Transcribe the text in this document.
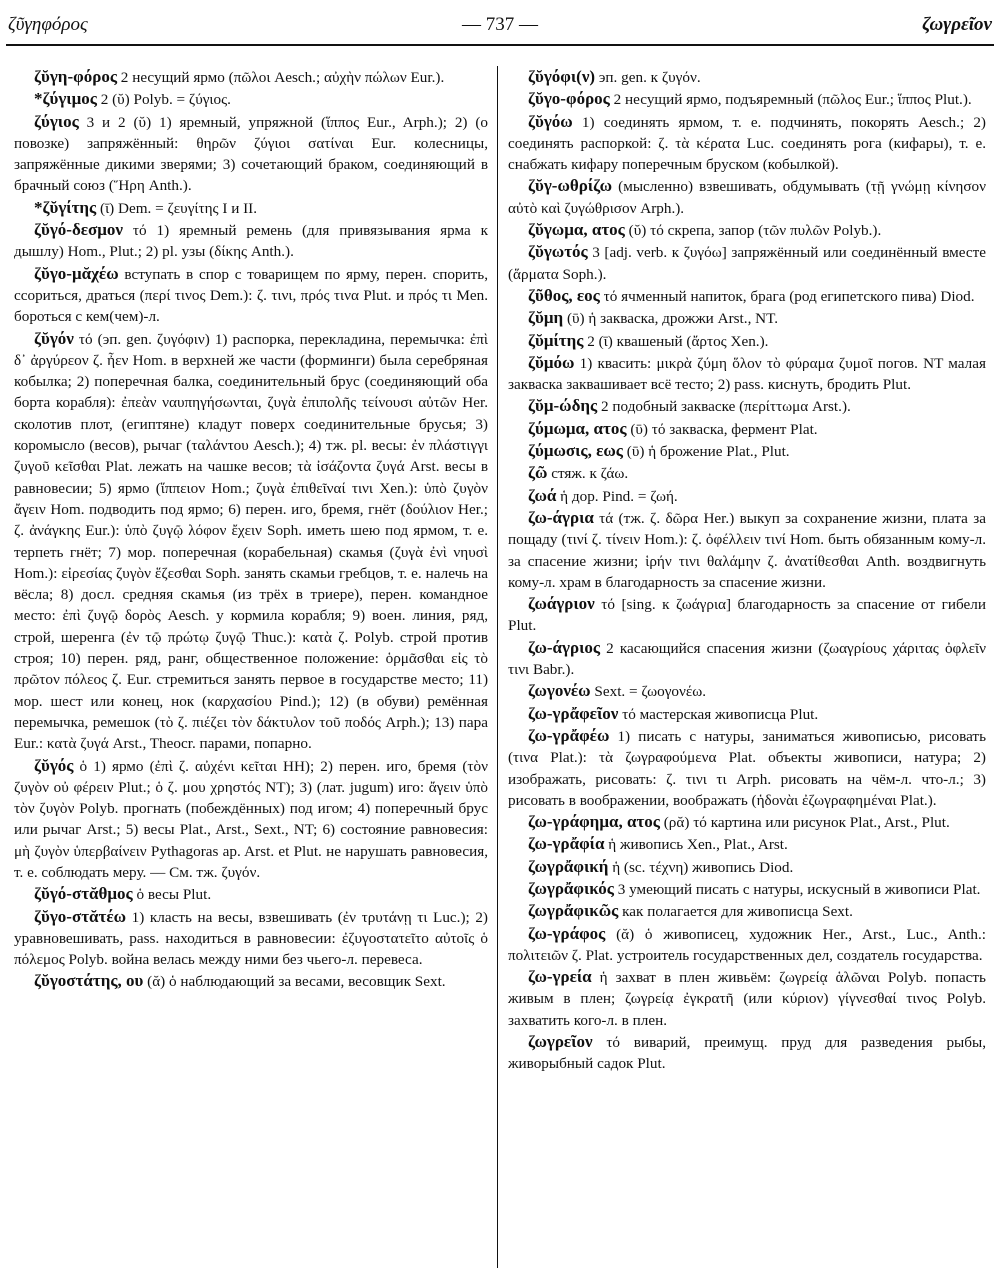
ζῦγηφόρος	— 737 —	ζωγρεῖον

ζῠγη-φόρος 2 несущий ярмо (πῶλοι Aesch.; αὐχὴν πώλων Eur.).

*ζύγιμος 2 (ῠ) Polyb. = ζύγιος.

ζύγιος 3 и 2 (ῠ) 1) яремный, упряжной (ἵππος Eur., Arph.); 2) (о повозке) запряжённый: θηρῶν ζύγιοι σατίναι Eur. колесницы, запряжённые дикими зверями; 3) сочетающий браком, соединяющий в брачный союз (Ἥρη Anth.).

*ζῠγίτης (ῑ) Dem. = ζευγίτης I и II.

ζῠγό-δεσμον τό 1) яремный ремень (для привязывания ярма к дышлу) Hom., Plut.; 2) pl. узы (δίκης Anth.).

ζῠγο-μᾰχέω вступать в спор с товарищем по ярму, перен. спорить, ссориться, драться (περί τινος Dem.): ζ. τινι, πρός τινα Plut. и πρός τι Men. бороться с кем(чем)-л.

ζῠγόν τό (эп. gen. ζυγόφιν) 1) распорка, перекладина, перемычка: ἐπὶ δ᾽ ἀργύρεον ζ. ἦεν Hom. в верхней же части (форминги) была серебряная кобылка; 2) поперечная балка, соединительный брус (соединяющий оба борта корабля): ἐπεὰν ναυπηγήσωνται, ζυγὰ ἐπιπολῆς τείνουσι αὐτῶν Her. сколотив плот, (египтяне) кладут поверх соединительные брусья; 3) коромысло (весов), рычаг (ταλάντου Aesch.); 4) тж. pl. весы: ἐν πλάστιγγι ζυγοῦ κεῖσθαι Plat. лежать на чашке весов; τὰ ἰσάζοντα ζυγά Arst. весы в равновесии; 5) ярмо (ἵππειον Hom.; ζυγὰ ἐπιθεῖναί τινι Xen.): ὑπὸ ζυγὸν ἄγειν Hom. подводить под ярмо; 6) перен. иго, бремя, гнёт (δούλιον Her.; ζ. ἀνάγκης Eur.): ὑπὸ ζυγῷ λόφον ἔχειν Soph. иметь шею под ярмом, т. е. терпеть гнёт; 7) мор. поперечная (корабельная) скамья (ζυγὰ ἐνὶ νηυσὶ Hom.): εἰρεσίας ζυγὸν ἕζεσθαι Soph. занять скамьи гребцов, т. е. налечь на вёсла; 8) досл. средняя скамья (из трёх в триере), перен. командное место: ἐπὶ ζυγῷ δορὸς Aesch. у кормила корабля; 9) воен. линия, ряд, строй, шеренга (ἐν τῷ πρώτῳ ζυγῷ Thuc.): κατὰ ζ. Polyb. строй против строя; 10) перен. ряд, ранг, общественное положение: ὁρμᾶσθαι εἰς τὸ πρῶτον πόλεος ζ. Eur. стремиться занять первое в государстве место; 11) мор. шест или конец, нок (καρχασίου Pind.); 12) (в обуви) ремённая перемычка, ремешок (τὸ ζ. πιέζει τὸν δάκτυλον τοῦ ποδός Arph.); 13) пара Eur.: κατὰ ζυγά Arst., Theocr. парами, попарно.

ζῠγός ὁ 1) ярмо (ἐπὶ ζ. αὐχένι κεῖται HH); 2) перен. иго, бремя (τὸν ζυγὸν οὐ φέρειν Plut.; ὁ ζ. μου χρηστός NT); 3) (лат. jugum) иго: ἄγειν ὑπὸ τὸν ζυγὸν Polyb. прогнать (побеждённых) под игом; 4) поперечный брус или рычаг Arst.; 5) весы Plat., Arst., Sext., NT; 6) состояние равновесия: μὴ ζυγὸν ὑπερβαίνειν Pythagoras ap. Arst. et Plut. не нарушать равновесия, т. е. соблюдать меру. — См. тж. ζυγόν.

ζῠγό-στᾰθμος ὁ весы Plut.

ζῠγο-στᾰτέω 1) класть на весы, взвешивать (ἐν τρυτάνῃ τι Luc.); 2) уравновешивать, pass. находиться в равновесии: ἐζυγοστατεῖτο αὐτοῖς ὁ πόλεμος Polyb. война велась между ними без чьего-л. перевеса.

ζῠγοστάτης, ου (ᾰ) ὁ наблюдающий за весами, весовщик Sext.

ζῠγόφι(ν) эп. gen. к ζυγόν.

ζῠγο-φόρος 2 несущий ярмо, подъяремный (πῶλος Eur.; ἵππος Plut.).

ζῠγόω 1) соединять ярмом, т. е. подчинять, покорять Aesch.; 2) соединять распоркой: ζ. τὰ κέρατα Luc. соединять рога (кифары), т. е. снабжать кифару поперечным бруском (кобылкой).

ζῠγ-ωθρίζω (мысленно) взвешивать, обдумывать (τῇ γνώμῃ κίνησον αὐτὸ καὶ ζυγώθρισον Arph.).

ζῠγωμα, ατος (ῠ) τό скрепа, запор (τῶν πυλῶν Polyb.).

ζῠγωτός 3 [adj. verb. к ζυγόω] запряжённый или соединённый вместе (ἅρματα Soph.).

ζῦθος, εος τό ячменный напиток, брага (род египетского пива) Diod.

ζῠμη (ῡ) ἡ закваска, дрожжи Arst., NT.

ζῠμίτης 2 (ῑ) квашеный (ἄρτος Xen.).

ζῠμόω 1) квасить: μικρὰ ζύμη ὅλον τὸ φύραμα ζυμοῖ погов. NT малая закваска заквашивает всё тесто; 2) pass. киснуть, бродить Plut.

ζῠμ-ώδης 2 подобный закваске (περίττωμα Arst.).

ζύμωμα, ατος (ῡ) τό закваска, фермент Plat.

ζύμωσις, εως (ῡ) ἡ брожение Plat., Plut.

ζῶ стяж. к ζάω.

ζωά ἡ дор. Pind. = ζωή.

ζω-άγρια τά (тж. ζ. δῶρα Her.) выкуп за сохранение жизни, плата за пощаду (τινί ζ. τίνειν Hom.): ζ. ὀφέλλειν τινί Hom. быть обязанным кому-л. за спасение жизни; ἱρήν τινι θαλάμην ζ. ἀνατίθεσθαι Anth. воздвигнуть кому-л. храм в благодарность за спасение жизни.

ζωάγριον τό [sing. к ζωάγρια] благодарность за спасение от гибели Plut.

ζω-άγριος 2 касающийся спасения жизни (ζωαγρίους χάριτας ὀφλεῖν τινι Babr.).

ζωγονέω Sext. = ζωογονέω.

ζω-γρἄφεῖον τό мастерская живописца Plut.

ζω-γρἄφέω 1) писать с натуры, заниматься живописью, рисовать (τινα Plat.): τὰ ζωγραφούμενα Plat. объекты живописи, натура; 2) изображать, рисовать: ζ. τινι τι Arph. рисовать на чём-л. что-л.; 3) рисовать в воображении, воображать (ἡδονὰι ἐζωγραφημέναι Plat.).

ζω-γράφημα, ατος (ρᾰ) τό картина или рисунок Plat., Arst., Plut.

ζω-γρἄφία ἡ живопись Xen., Plat., Arst.

ζωγρἄφική ἡ (sc. τέχνη) живопись Diod.

ζωγρἄφικός 3 умеющий писать с натуры, искусный в живописи Plat.

ζωγρἄφικῶς как полагается для живописца Sext.

ζω-γράφος (ᾰ) ὁ живописец, художник Her., Arst., Luc., Anth.: πολιτειῶν ζ. Plat. устроитель государственных дел, создатель государства.

ζω-γρεία ἡ захват в плен живьём: ζωγρείᾳ ἁλῶναι Polyb. попасть живым в плен; ζωγρείᾳ ἐγκρατῆ (или κύριον) γίγνεσθαί τινος Polyb. захватить кого-л. в плен.

ζωγρεῖον τό виварий, преимущ. пруд для разведения рыбы, живорыбный садок Plut.
